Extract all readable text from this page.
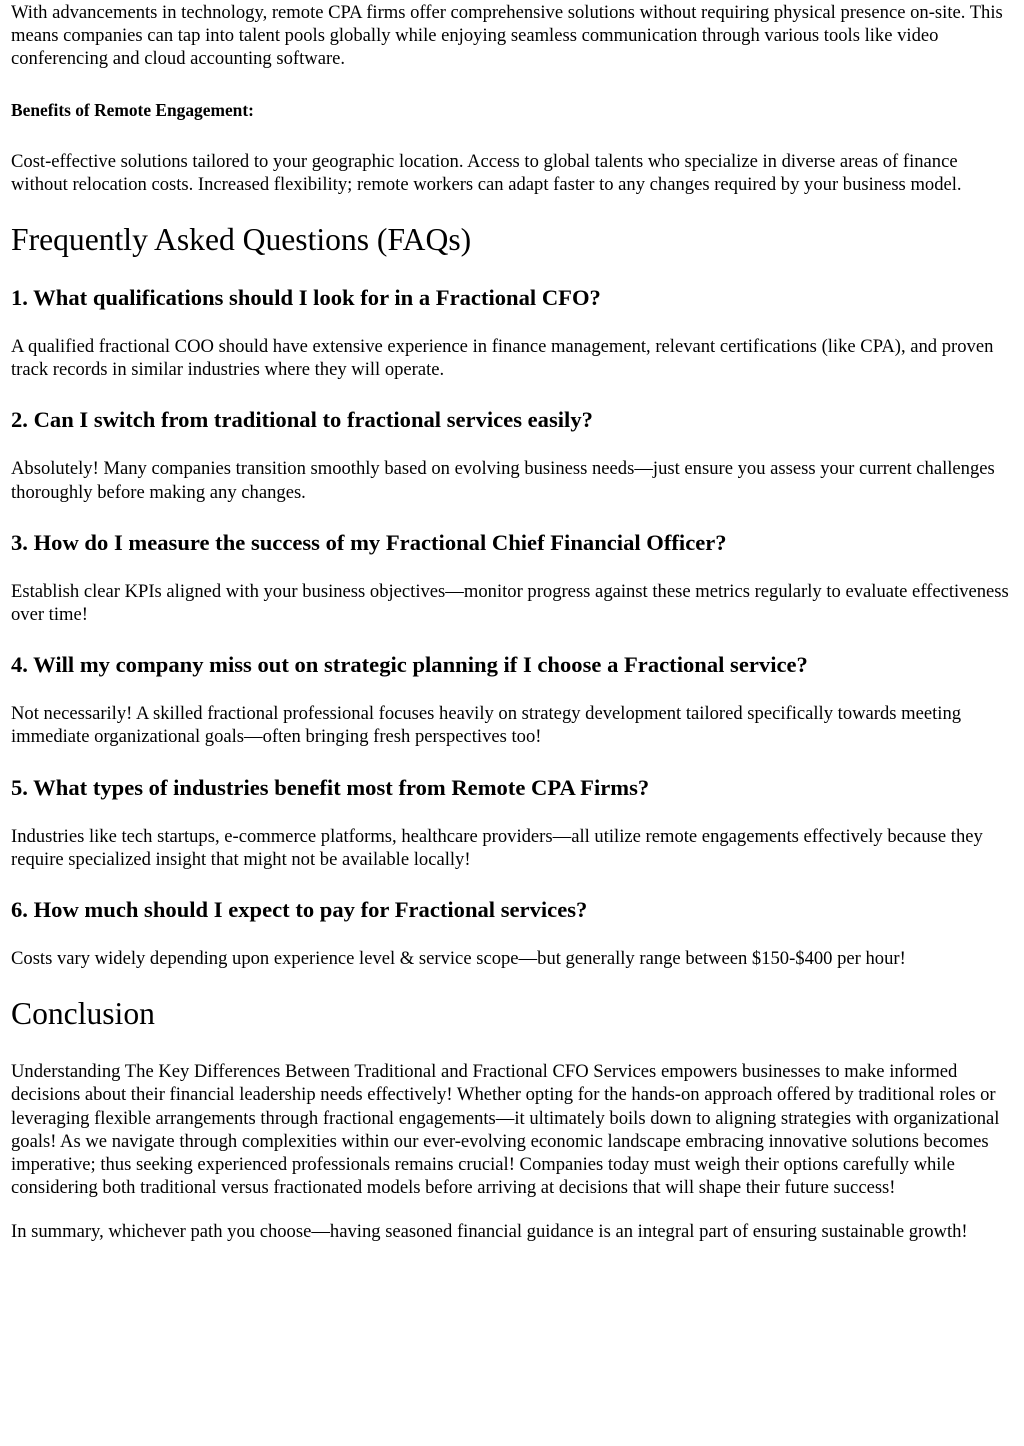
With advancements in technology, remote CPA firms offer comprehensive solutions without requiring physical presence on-site. This means companies can tap into talent pools globally while enjoying seamless communication through various tools like video conferencing and cloud accounting software.

Benefits of Remote Engagement:

Cost-effective solutions tailored to your geographic location. Access to global talents who specialize in diverse areas of finance without relocation costs. Increased flexibility; remote workers can adapt faster to any changes required by your business model.

Frequently Asked Questions (FAQs)
1. What qualifications should I look for in a Fractional CFO?

A qualified fractional COO should have extensive experience in finance management, relevant certifications (like CPA), and proven track records in similar industries where they will operate.

2. Can I switch from traditional to fractional services easily?

Absolutely! Many companies transition smoothly based on evolving business needs—just ensure you assess your current challenges thoroughly before making any changes.

3. How do I measure the success of my Fractional Chief Financial Officer?

Establish clear KPIs aligned with your business objectives—monitor progress against these metrics regularly to evaluate effectiveness over time!

4. Will my company miss out on strategic planning if I choose a Fractional service?

Not necessarily! A skilled fractional professional focuses heavily on strategy development tailored specifically towards meeting immediate organizational goals—often bringing fresh perspectives too!

5. What types of industries benefit most from Remote CPA Firms?

Industries like tech startups, e-commerce platforms, healthcare providers—all utilize remote engagements effectively because they require specialized insight that might not be available locally!

6. How much should I expect to pay for Fractional services?

Costs vary widely depending upon experience level & service scope—but generally range between $150-$400 per hour!

Conclusion

Understanding The Key Differences Between Traditional and Fractional CFO Services empowers businesses to make informed decisions about their financial leadership needs effectively! Whether opting for the hands-on approach offered by traditional roles or leveraging flexible arrangements through fractional engagements—it ultimately boils down to aligning strategies with organizational goals! As we navigate through complexities within our ever-evolving economic landscape embracing innovative solutions becomes imperative; thus seeking experienced professionals remains crucial! Companies today must weigh their options carefully while considering both traditional versus fractionated models before arriving at decisions that will shape their future success!

In summary, whichever path you choose—having seasoned financial guidance is an integral part of ensuring sustainable growth!
